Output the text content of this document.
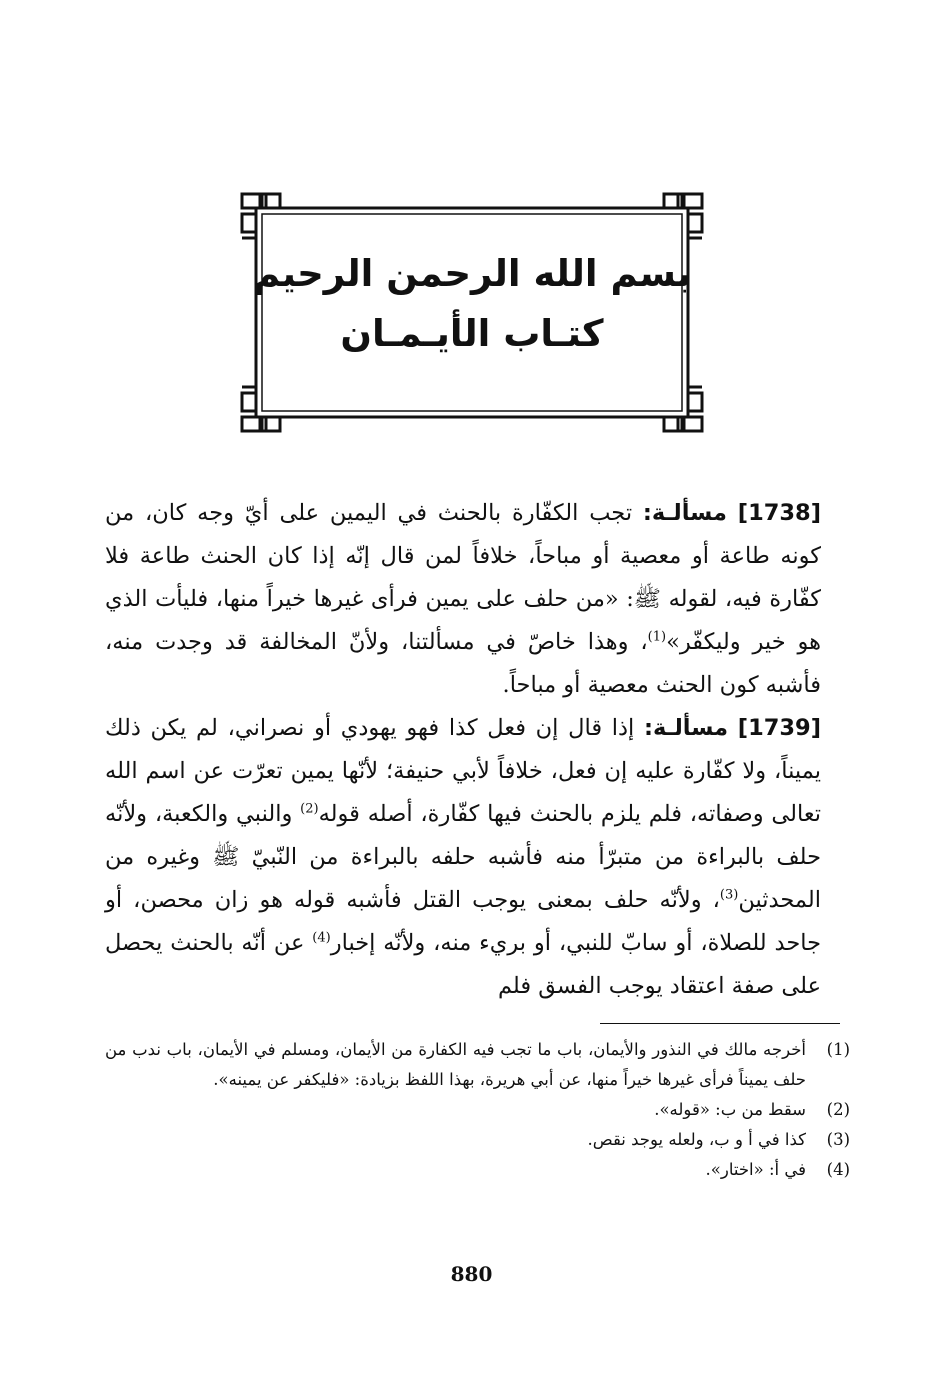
بسم الله الرحمن الرحيم
كتـاب الأيـمـان

[1738] مسألـة: تجب الكفّارة بالحنث في اليمين على أيّ وجه كان، من كونه طاعة أو معصية أو مباحاً، خلافاً لمن قال إنّه إذا كان الحنث طاعة فلا كفّارة فيه، لقوله ﷺ: «من حلف على يمين فرأى غيرها خيراً منها، فليأت الذي هو خير وليكفّر»$^{(1)}$، وهذا خاصّ في مسألتنا، ولأنّ المخالفة قد وجدت منه، فأشبه كون الحنث معصية أو مباحاً.

[1739] مسألـة: إذا قال إن فعل كذا فهو يهودي أو نصراني، لم يكن ذلك يميناً، ولا كفّارة عليه إن فعل، خلافاً لأبي حنيفة؛ لأنّها يمين تعرّت عن اسم الله تعالى وصفاته، فلم يلزم بالحنث فيها كفّارة، أصله قوله$^{(2)}$ والنبي والكعبة، ولأنّه حلف بالبراءة من متبرّأ منه فأشبه حلفه بالبراءة من النّبيّ ﷺ وغيره من المحدثين$^{(3)}$، ولأنّه حلف بمعنى يوجب القتل فأشبه قوله هو زان محصن، أو جاحد للصلاة، أو سابّ للنبي، أو بريء منه، ولأنّه إخبار$^{(4)}$ عن أنّه بالحنث يحصل على صفة اعتقاد يوجب الفسق فلم

(1)
أخرجه مالك في النذور والأيمان، باب ما تجب فيه الكفارة من الأيمان، ومسلم في الأيمان، باب ندب من حلف يميناً فرأى غيرها خيراً منها، عن أبي هريرة، بهذا اللفظ بزيادة: «فليكفر عن يمينه».
(2)
سقط من ب: «قوله».
(3)
كذا في أ و ب، ولعله يوجد نقص.
(4)
في أ: «اختار».
880
